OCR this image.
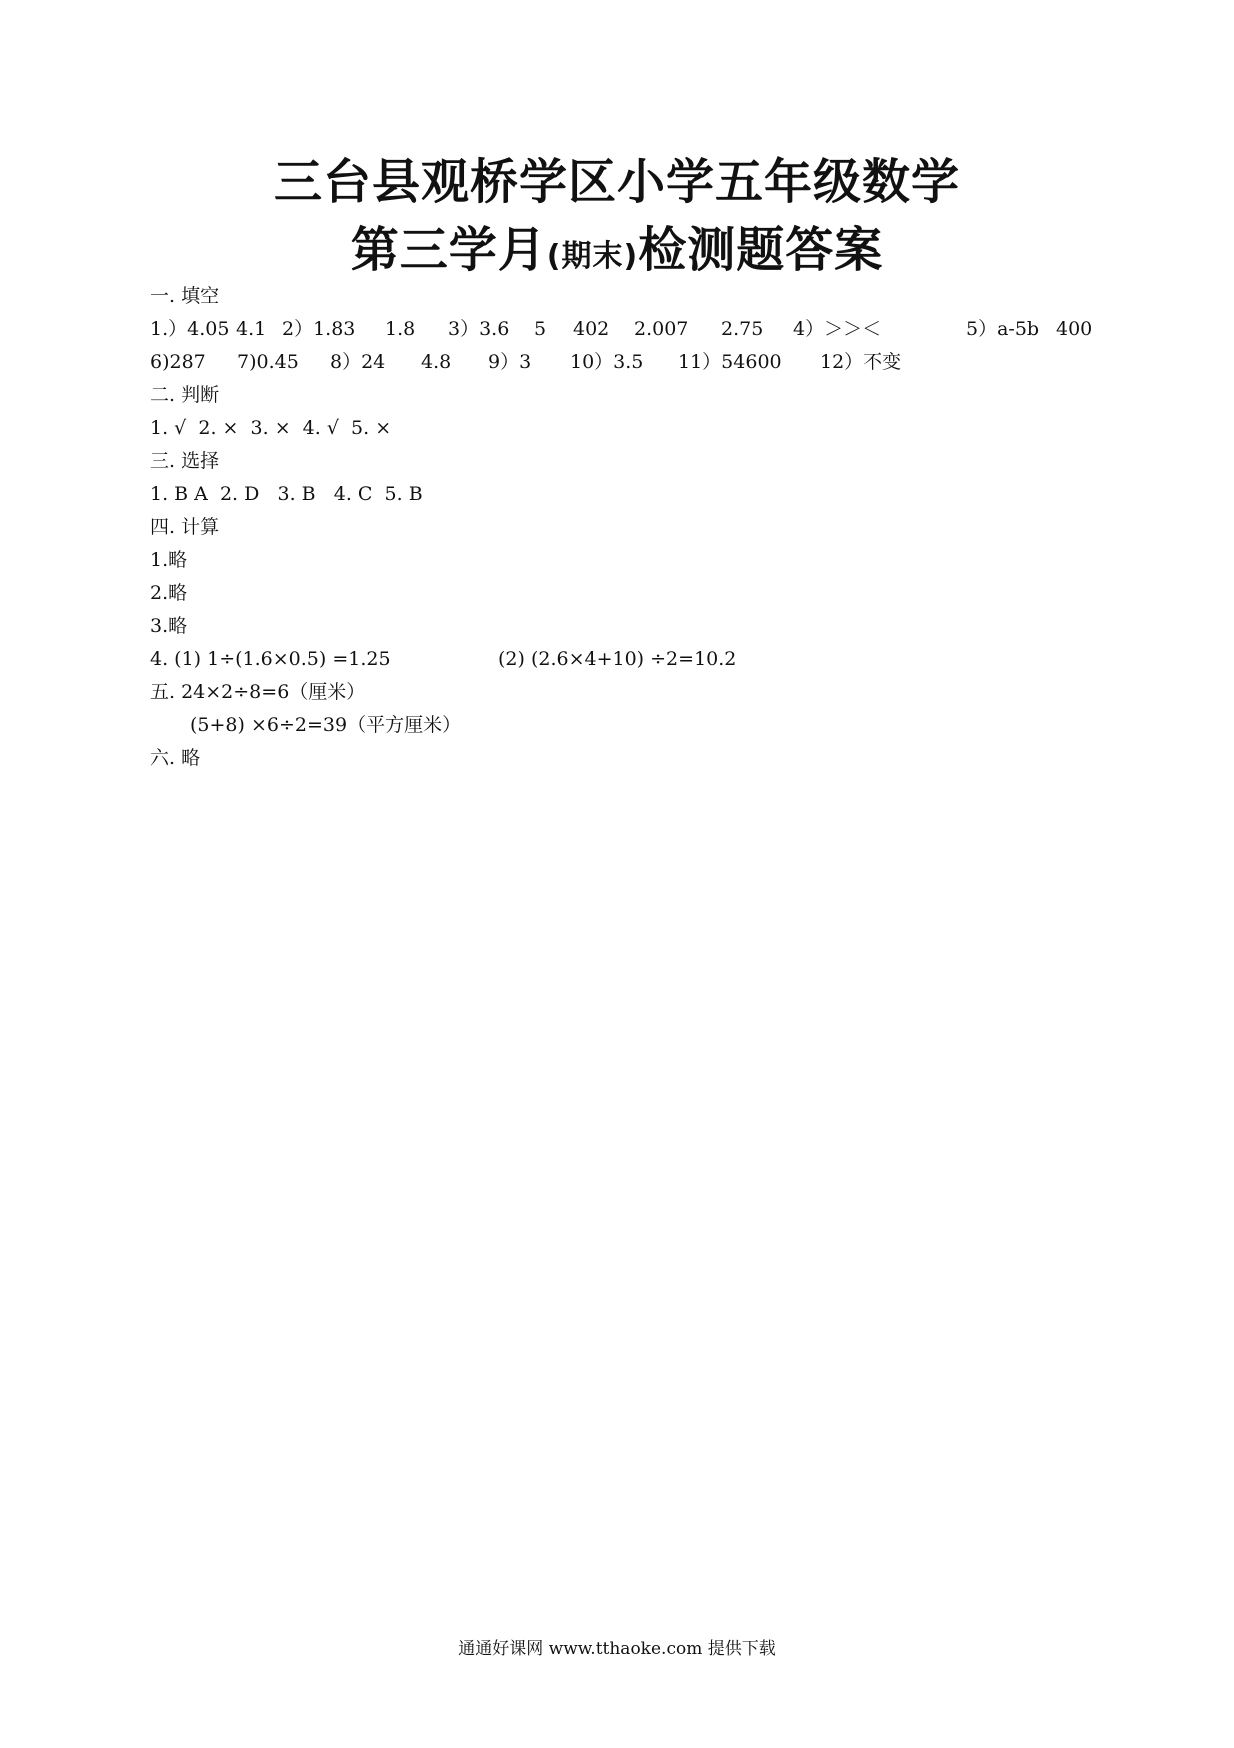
三台县观桥学区小学五年级数学
第三学月(期末)检测题答案
一. 填空
1.）4.05 4.1 2）1.83 1.8 3）3.6 5 402 2.007 2.75 4）＞＞＜	5）a-5b 400
6)287 7)0.45 8）24 4.8 9）3 10）3.5 11）54600 12）不变
二. 判断
1. √  2. ×  3. ×  4. √  5. ×
三. 选择
1. B A  2. D   3. B   4. C  5. B
四. 计算
1.略
2.略
3.略
4. (1) 1÷(1.6×0.5) =1.25	(2) (2.6×4+10) ÷2=10.2
五. 24×2÷8=6（厘米）
(5+8) ×6÷2=39（平方厘米）
六. 略
通通好课网 www.tthaoke.com 提供下载
